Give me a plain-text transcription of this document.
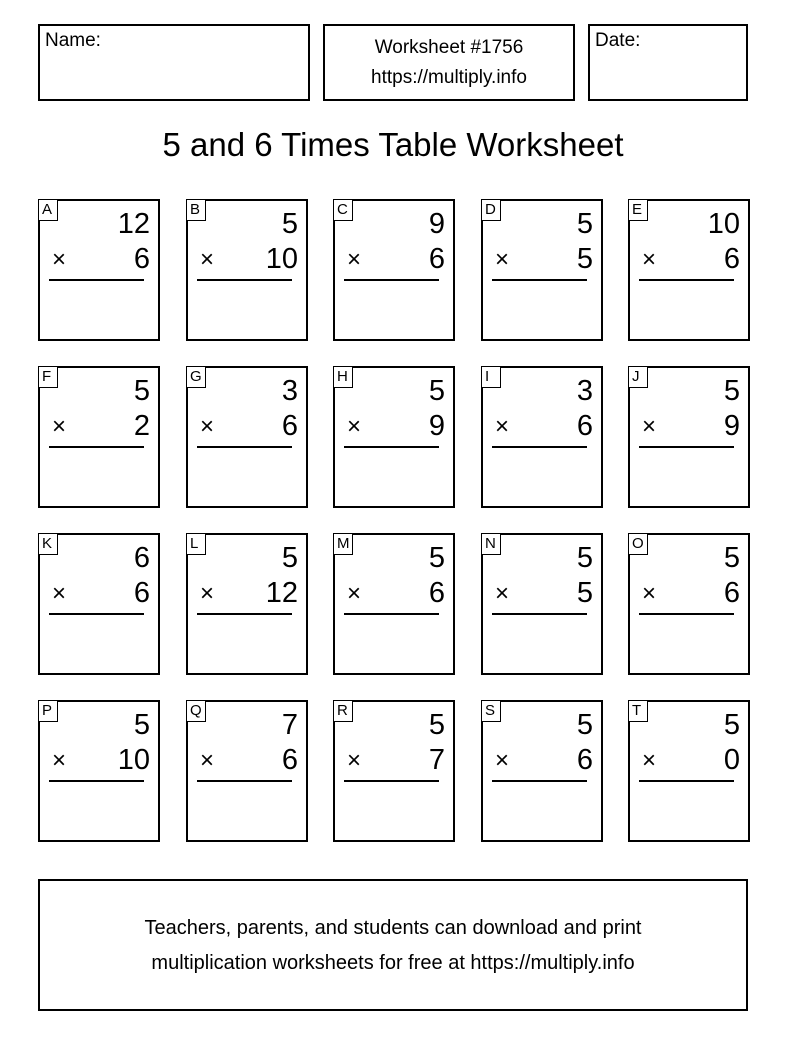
Name:	Worksheet #1756
https://multiply.info
Date:
5 and 6 Times Table Worksheet
A 12
× 6
B	5
× 10
C	9
× 6
D	5
× 5
E 10
× 6
F	5
× 2
G	3
× 6
H	5
× 9
I	3
× 6
J	5
× 9
K	6
× 6
L	5
× 12
M	5
× 6
N	5
× 5
O	5
× 6
P	5
× 10
Q	7
× 6
R	5
× 7
S	5
× 6
T	5
× 0
Teachers, parents, and students can download and print
multiplication worksheets for free at https://multiply.info
